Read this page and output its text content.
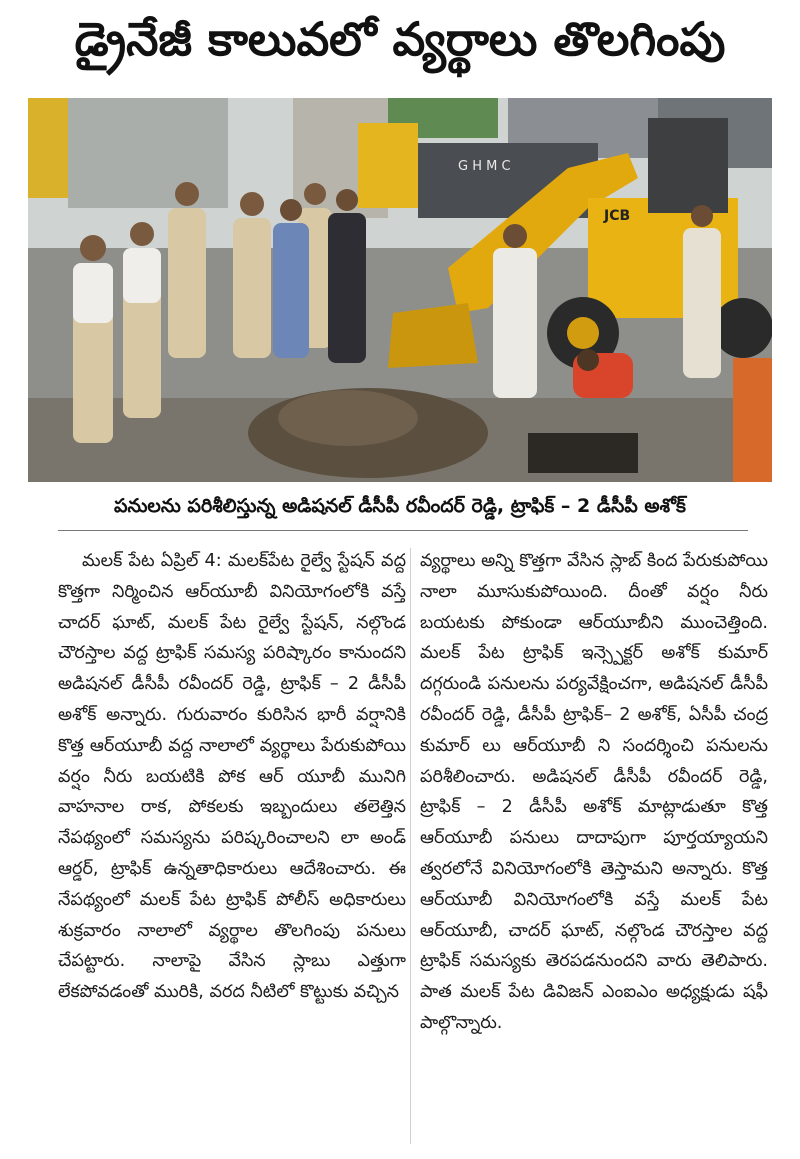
డ్రైనేజీ కాలువలో వ్యర్థాలు తొలగింపు
G H M C
JCB
పనులను పరిశీలిస్తున్న అడిషనల్ డీసీపీ రవీందర్ రెడ్డి, ట్రాఫిక్ – 2 డీసీపీ అశోక్

మలక్ పేట ఏప్రిల్ 4: మలక్‌పేట రైల్వే స్టేషన్ వద్ద కొత్తగా నిర్మించిన ఆర్‌యూబీ వినియోగంలోకి వస్తే చాదర్ ఘాట్, మలక్ పేట రైల్వే స్టేషన్, నల్గొండ చౌరస్తాల వద్ద ట్రాఫిక్ సమస్య పరిష్కారం కానుందని అడిషనల్ డీసీపీ రవీందర్ రెడ్డి, ట్రాఫిక్ – 2 డీసీపీ అశోక్ అన్నారు. గురువారం కురిసిన భారీ వర్షానికి కొత్త ఆర్‌యూబీ వద్ద నాలాలో వ్యర్థాలు పేరుకుపోయి వర్షం నీరు బయటికి పోక ఆర్ యూబీ మునిగి వాహనాల రాక, పోకలకు ఇబ్బందులు తలెత్తిన నేపథ్యంలో సమస్యను పరిష్కరించాలని లా అండ్ ఆర్డర్, ట్రాఫిక్ ఉన్నతాధికారులు ఆదేశించారు. ఈ నేపథ్యంలో మలక్ పేట ట్రాఫిక్ పోలీస్ అధికారులు శుక్రవారం నాలాలో వ్యర్థాల తొలగింపు పనులు చేపట్టారు. నాలాపై వేసిన స్లాబు ఎత్తుగా లేకపోవడంతో మురికి, వరద నీటిలో కొట్టుకు వచ్చిన

వ్యర్థాలు అన్ని కొత్తగా వేసిన స్లాబ్ కింద పేరుకుపోయి నాలా మూసుకుపోయింది. దీంతో వర్షం నీరు బయటకు పోకుండా ఆర్‌యూబీని ముంచెత్తింది. మలక్ పేట ట్రాఫిక్ ఇన్స్పెక్టర్ అశోక్ కుమార్ దగ్గరుండి పనులను పర్యవేక్షించగా, అడిషనల్ డీసీపీ రవీందర్ రెడ్డి, డీసీపీ ట్రాఫిక్– 2 అశోక్, ఏసీపీ చంద్ర కుమార్ లు ఆర్‌యూబీ ని సందర్శించి పనులను పరిశీలించారు. అడిషనల్ డీసీపీ రవీందర్ రెడ్డి, ట్రాఫిక్ – 2 డీసీపీ అశోక్ మాట్లాడుతూ కొత్త ఆర్‌యూబీ పనులు దాదాపుగా పూర్తయ్యాయని త్వరలోనే వినియోగంలోకి తెస్తామని అన్నారు. కొత్త ఆర్‌యూబీ వినియోగంలోకి వస్తే మలక్ పేట ఆర్‌యూబీ, చాదర్ ఘాట్, నల్గొండ చౌరస్తాల వద్ద ట్రాఫిక్ సమస్యకు తెరపడనుందని వారు తెలిపారు. పాత మలక్ పేట డివిజన్ ఎంఐఎం అధ్యక్షుడు షఫీ పాల్గొన్నారు.
